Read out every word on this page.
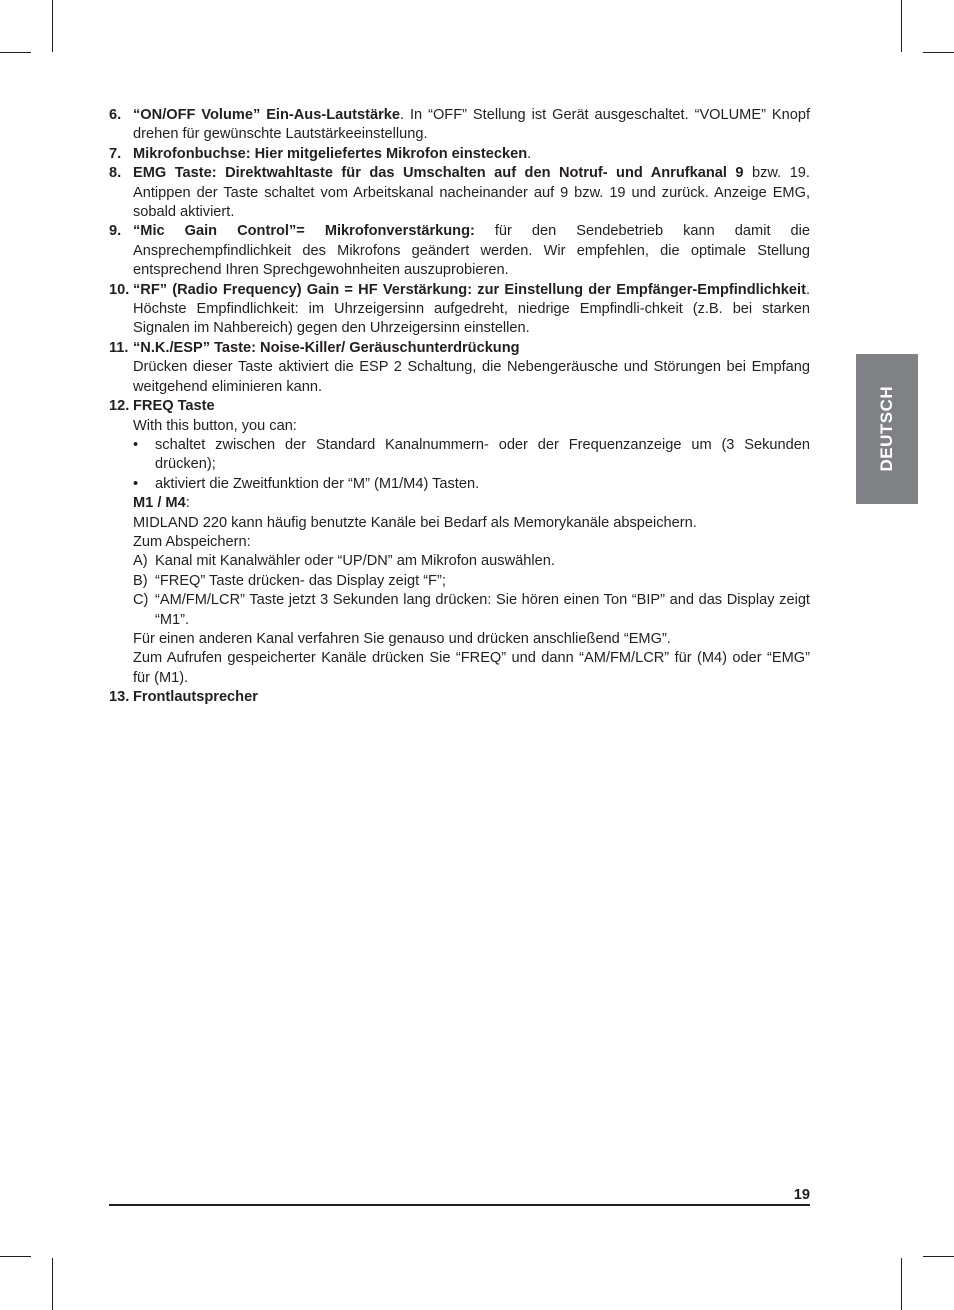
DEUTSCH
6. “ON/OFF Volume” Ein-Aus-Lautstärke. In “OFF” Stellung ist Gerät ausgeschaltet. “VOLUME” Knopf drehen für gewünschte Lautstärkeeinstellung.
7. Mikrofonbuchse: Hier mitgeliefertes Mikrofon einstecken.
8. EMG Taste: Direktwahltaste für das Umschalten auf den Notruf- und Anrufkanal 9 bzw. 19. Antippen der Taste schaltet vom Arbeitskanal nacheinander auf 9 bzw. 19 und zurück. Anzeige EMG, sobald aktiviert.
9. “Mic Gain Control”= Mikrofonverstärkung: für den Sendebetrieb kann damit die Ansprechempfindlichkeit des Mikrofons geändert werden. Wir empfehlen, die optimale Stellung entsprechend Ihren Sprechgewohnheiten auszuprobieren.
10. “RF” (Radio Frequency) Gain = HF Verstärkung: zur Einstellung der Empfänger-Empfindlichkeit. Höchste Empfindlichkeit: im Uhrzeigersinn aufgedreht, niedrige Empfindli-chkeit (z.B. bei starken Signalen im Nahbereich) gegen den Uhrzeigersinn einstellen.
11. “N.K./ESP” Taste: Noise-Killer/ Geräuschunterdrückung
Drücken dieser Taste aktiviert die ESP 2 Schaltung, die Nebengeräusche und Störungen bei Empfang weitgehend eliminieren kann.
12. FREQ Taste
With this button, you can:
• schaltet zwischen der Standard Kanalnummern- oder der Frequenzanzeige um (3 Sekunden drücken);
• aktiviert die Zweitfunktion der “M” (M1/M4) Tasten.
M1 / M4:
MIDLAND 220 kann häufig benutzte Kanäle bei Bedarf als Memorykanäle abspeichern.
Zum Abspeichern:
A) Kanal mit Kanalwähler oder “UP/DN” am Mikrofon auswählen.
B) “FREQ” Taste drücken- das Display zeigt “F”;
C) “AM/FM/LCR” Taste jetzt 3 Sekunden lang drücken: Sie hören einen Ton “BIP” and das Display zeigt “M1”.
Für einen anderen Kanal verfahren Sie genauso und drücken anschließend “EMG”.
Zum Aufrufen gespeicherter Kanäle drücken Sie “FREQ” und dann “AM/FM/LCR” für (M4) oder “EMG” für (M1).
13. Frontlautsprecher
19
